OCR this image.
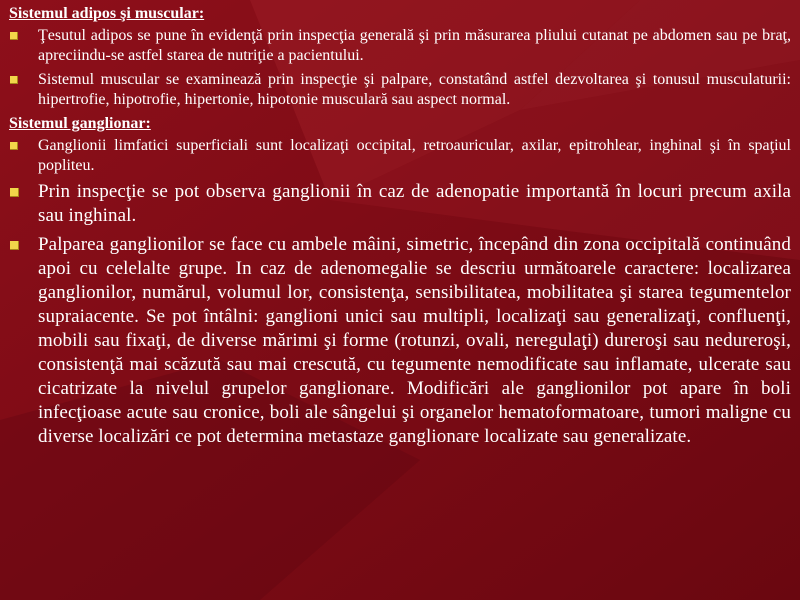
Sistemul adipos şi muscular:
Ţesutul adipos se pune în evidenţă prin inspecţia generală şi prin măsurarea pliului cutanat pe abdomen sau pe braţ, apreciindu-se astfel starea de nutriţie a pacientului.
Sistemul muscular se examinează prin inspecţie şi palpare, constatând astfel dezvoltarea şi tonusul musculaturii: hipertrofie, hipotrofie, hipertonie, hipotonie musculară sau aspect normal.
Sistemul ganglionar:
Ganglionii limfatici superficiali sunt localizaţi occipital, retroauricular, axilar, epitrohlear, inghinal şi în spaţiul popliteu.
Prin inspecţie se pot observa ganglionii în caz de adenopatie importantă în locuri precum axila sau inghinal.
Palparea ganglionilor se face cu ambele mâini, simetric, începând din zona occipitală continuând apoi cu celelalte grupe. In caz de adenomegalie se descriu următoarele caractere: localizarea ganglionilor, numărul, volumul lor, consistenţa, sensibilitatea, mobilitatea şi starea tegumentelor supraiacente. Se pot întâlni: ganglioni unici sau multipli, localizaţi sau generalizaţi, confluenţi, mobili sau fixaţi, de diverse mărimi şi forme (rotunzi, ovali, neregulaţi) dureroşi sau nedureroşi, consistenţă mai scăzută sau mai crescută, cu tegumente nemodificate sau inflamate, ulcerate sau cicatrizate la nivelul grupelor ganglionare. Modificări ale ganglionilor pot apare în boli infecţioase acute sau cronice, boli ale sângelui şi organelor hematoformatoare, tumori maligne cu diverse localizări ce pot determina metastaze ganglionare localizate sau generalizate.
